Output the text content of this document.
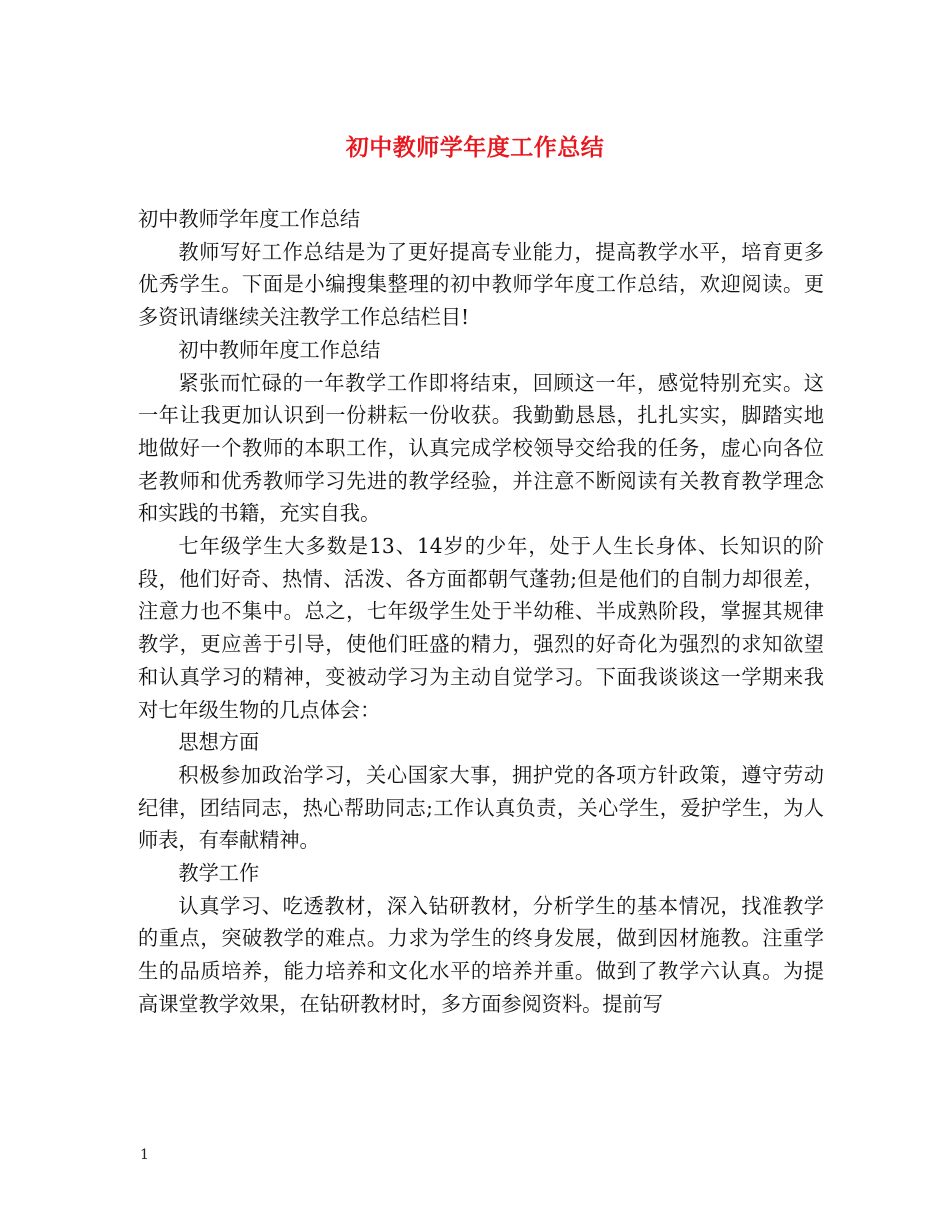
初中教师学年度工作总结

初中教师学年度工作总结

教师写好工作总结是为了更好提高专业能力，提高教学水平，培育更多优秀学生。下面是小编搜集整理的初中教师学年度工作总结，欢迎阅读。更多资讯请继续关注教学工作总结栏目!

初中教师年度工作总结

紧张而忙碌的一年教学工作即将结束，回顾这一年，感觉特别充实。这一年让我更加认识到一份耕耘一份收获。我勤勤恳恳，扎扎实实，脚踏实地地做好一个教师的本职工作，认真完成学校领导交给我的任务，虚心向各位老教师和优秀教师学习先进的教学经验，并注意不断阅读有关教育教学理念和实践的书籍，充实自我。

七年级学生大多数是13、14岁的少年，处于人生长身体、长知识的阶段，他们好奇、热情、活泼、各方面都朝气蓬勃;但是他们的自制力却很差，注意力也不集中。总之，七年级学生处于半幼稚、半成熟阶段，掌握其规律教学，更应善于引导，使他们旺盛的精力，强烈的好奇化为强烈的求知欲望和认真学习的精神，变被动学习为主动自觉学习。下面我谈谈这一学期来我对七年级生物的几点体会：

思想方面

积极参加政治学习，关心国家大事，拥护党的各项方针政策，遵守劳动纪律，团结同志，热心帮助同志;工作认真负责，关心学生，爱护学生，为人师表，有奉献精神。

教学工作

认真学习、吃透教材，深入钻研教材，分析学生的基本情况，找准教学的重点，突破教学的难点。力求为学生的终身发展，做到因材施教。注重学生的品质培养，能力培养和文化水平的培养并重。做到了教学六认真。为提高课堂教学效果，在钻研教材时，多方面参阅资料。提前写

1
